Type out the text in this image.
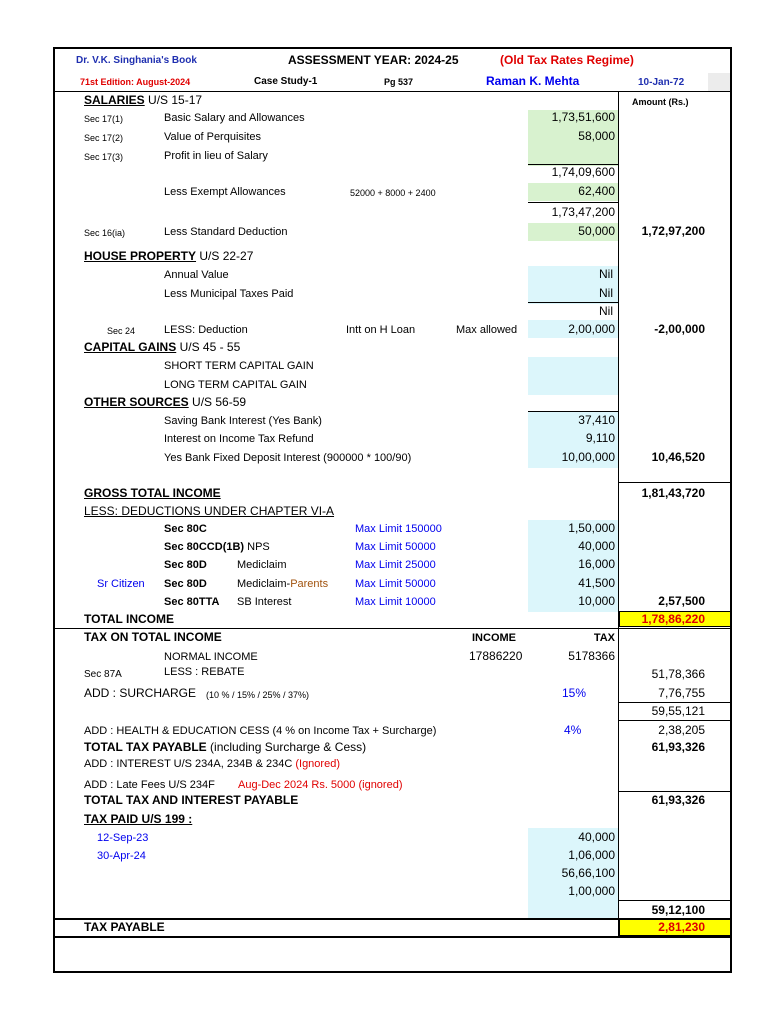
Dr. V.K. Singhania's Book	ASSESSMENT YEAR: 2024-25	(Old Tax Rates Regime)
71st Edition: August-2024	Case Study-1	Pg 537	Raman K. Mehta	10-Jan-72
Amount (Rs.)
SALARIES U/S 15-17
Sec 17(1)	Basic Salary and Allowances	1,73,51,600
Sec 17(2)	Value of Perquisites	58,000
Sec 17(3)	Profit in lieu of Salary
1,74,09,600
Less Exempt Allowances	52000 + 8000 + 2400	62,400
1,73,47,200
Sec 16(ia)	Less Standard Deduction	50,000	1,72,97,200
HOUSE PROPERTY U/S 22-27
Annual Value	Nil
Less Municipal Taxes Paid	Nil
Nil
Sec 24	LESS: Deduction	Intt on H Loan	Max allowed	2,00,000	-2,00,000
CAPITAL GAINS U/S 45 - 55
SHORT TERM CAPITAL GAIN
LONG TERM CAPITAL GAIN
OTHER SOURCES U/S 56-59
Saving Bank Interest (Yes Bank)	37,410
Interest on Income Tax Refund	9,110
Yes Bank Fixed Deposit Interest (900000 * 100/90)	10,00,000	10,46,520
GROSS TOTAL INCOME	1,81,43,720
LESS: DEDUCTIONS UNDER CHAPTER VI-A
Sec 80C	Max Limit 150000	1,50,000
Sec 80CCD(1B) NPS	Max Limit 50000	40,000
Sec 80D	Mediclaim	Max Limit 25000	16,000
Sr Citizen Sec 80D	Mediclaim-Parents Max Limit 50000	41,500
Sec 80TTA SB Interest	Max Limit 10000	10,000	2,57,500
TOTAL INCOME	1,78,86,220
TAX ON TOTAL INCOME	INCOME	TAX
NORMAL INCOME	17886220	5178366
Sec 87A	LESS : REBATE	51,78,366
ADD : SURCHARGE (10 % / 15% / 25% / 37%)	15%	7,76,755
59,55,121
ADD : HEALTH & EDUCATION CESS (4 % on Income Tax + Surcharge)	4%	2,38,205
TOTAL TAX PAYABLE (including Surcharge & Cess)	61,93,326
ADD : INTEREST U/S 234A, 234B & 234C (Ignored)
ADD : Late Fees U/S 234F Aug-Dec 2024 Rs. 5000 (ignored)
TOTAL TAX AND INTEREST PAYABLE	61,93,326
TAX PAID U/S 199 :
12-Sep-23	40,000
30-Apr-24	1,06,000
56,66,100
1,00,000
59,12,100
TAX PAYABLE	2,81,230
